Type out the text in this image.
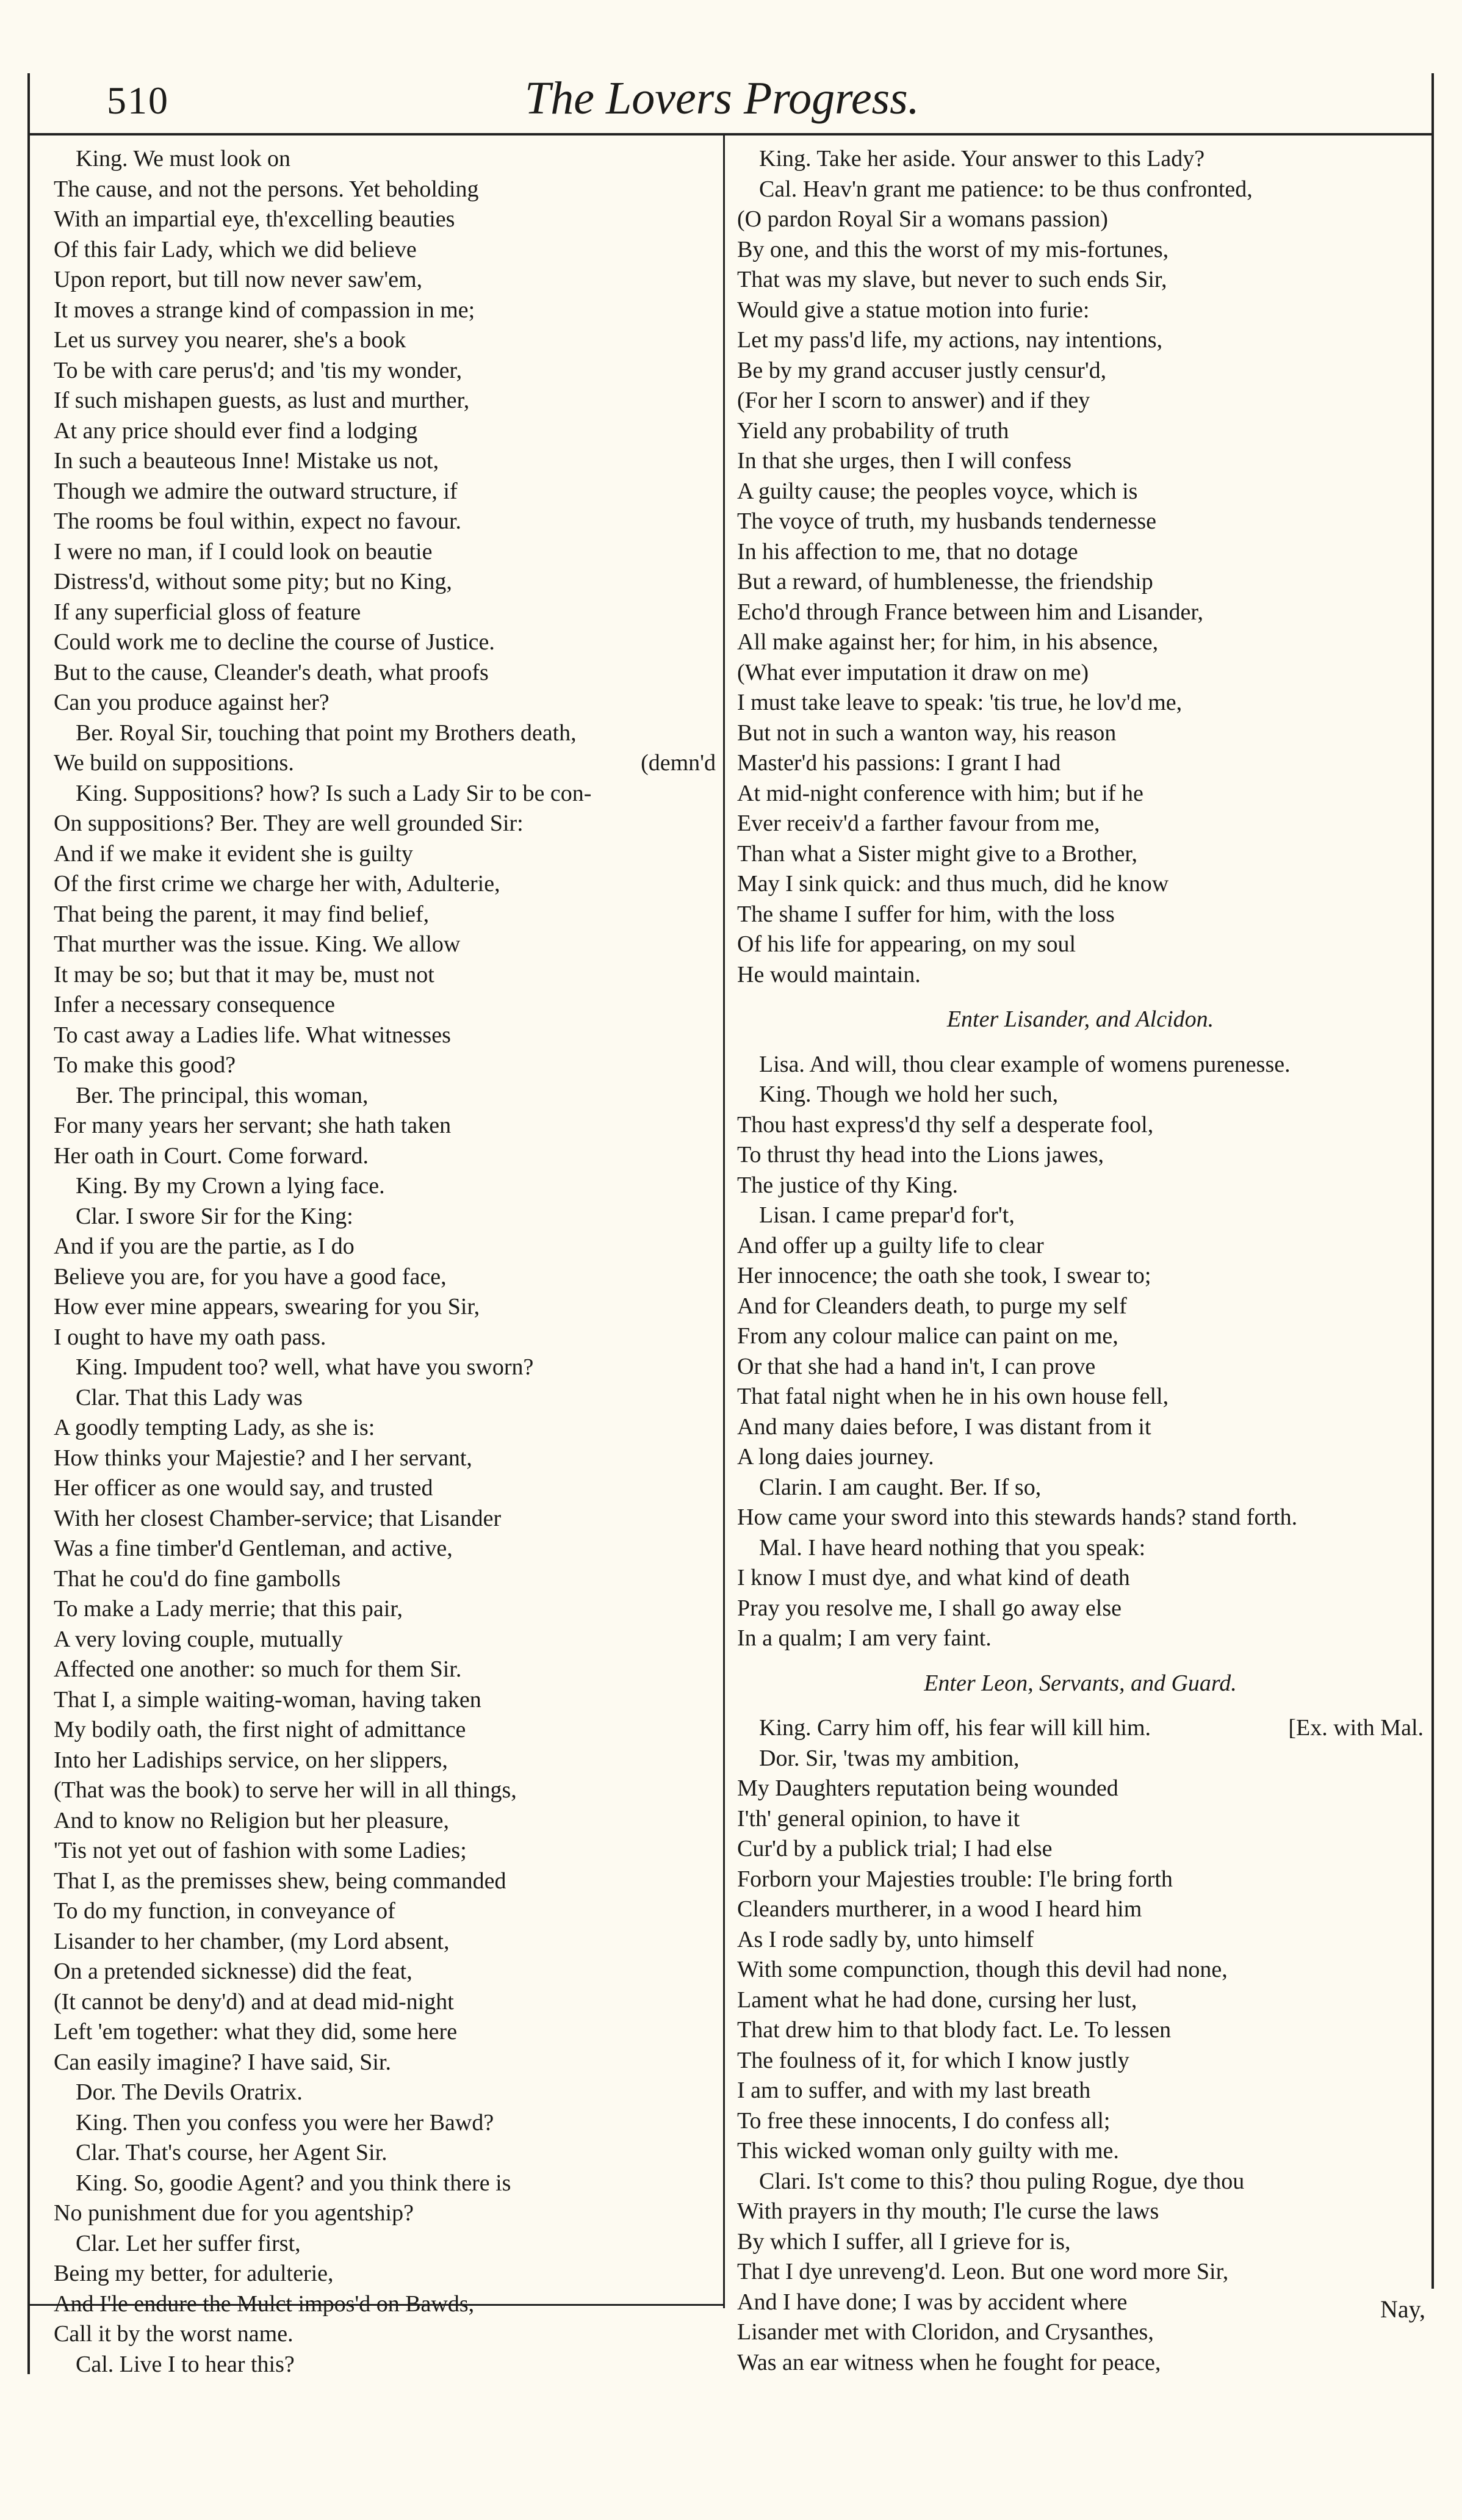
510	The Lovers Progress.
King. We must look on
The cause, and not the persons. Yet beholding
With an impartial eye, th'excelling beauties
Of this fair Lady, which we did believe
Upon report, but till now never saw'em,
It moves a strange kind of compassion in me;
Let us survey you nearer, she's a book
To be with care perus'd; and 'tis my wonder,
If such mishapen guests, as lust and murther,
At any price should ever find a lodging
In such a beauteous Inne! Mistake us not,
Though we admire the outward structure, if
The rooms be foul within, expect no favour.
I were no man, if I could look on beautie
Distress'd, without some pity; but no King,
If any superficial gloss of feature
Could work me to decline the course of Justice.
But to the cause, Cleander's death, what proofs
Can you produce against her?
Ber. Royal Sir, touching that point my Brothers death,
We build on suppositions.	(demn'd
King. Suppositions? how? Is such a Lady Sir to be con-
On suppositions? Ber. They are well grounded Sir:
And if we make it evident she is guilty
Of the first crime we charge her with, Adulterie,
That being the parent, it may find belief,
That murther was the issue. King. We allow
It may be so; but that it may be, must not
Infer a necessary consequence
To cast away a Ladies life. What witnesses
To make this good?
Ber. The principal, this woman,
For many years her servant; she hath taken
Her oath in Court. Come forward.
King. By my Crown a lying face.
Clar. I swore Sir for the King:
And if you are the partie, as I do
Believe you are, for you have a good face,
How ever mine appears, swearing for you Sir,
I ought to have my oath pass.
King. Impudent too? well, what have you sworn?
Clar. That this Lady was
A goodly tempting Lady, as she is:
How thinks your Majestie? and I her servant,
Her officer as one would say, and trusted
With her closest Chamber-service; that Lisander
Was a fine timber'd Gentleman, and active,
That he cou'd do fine gambolls
To make a Lady merrie; that this pair,
A very loving couple, mutually
Affected one another: so much for them Sir.
That I, a simple waiting-woman, having taken
My bodily oath, the first night of admittance
Into her Ladiships service, on her slippers,
(That was the book) to serve her will in all things,
And to know no Religion but her pleasure,
'Tis not yet out of fashion with some Ladies;
That I, as the premisses shew, being commanded
To do my function, in conveyance of
Lisander to her chamber, (my Lord absent,
On a pretended sicknesse) did the feat,
(It cannot be deny'd) and at dead mid-night
Left 'em together: what they did, some here
Can easily imagine? I have said, Sir.
Dor. The Devils Oratrix.
King. Then you confess you were her Bawd?
Clar. That's course, her Agent Sir.
King. So, goodie Agent? and you think there is
No punishment due for you agentship?
Clar. Let her suffer first,
Being my better, for adulterie,
And I'le endure the Mulct impos'd on Bawds,
Call it by the worst name.
Cal. Live I to hear this?
King. Take her aside. Your answer to this Lady?
Cal. Heav'n grant me patience: to be thus confronted,
(O pardon Royal Sir a womans passion)
By one, and this the worst of my mis-fortunes,
That was my slave, but never to such ends Sir,
Would give a statue motion into furie:
Let my pass'd life, my actions, nay intentions,
Be by my grand accuser justly censur'd,
(For her I scorn to answer) and if they
Yield any probability of truth
In that she urges, then I will confess
A guilty cause; the peoples voyce, which is
The voyce of truth, my husbands tendernesse
In his affection to me, that no dotage
But a reward, of humblenesse, the friendship
Echo'd through France between him and Lisander,
All make against her; for him, in his absence,
(What ever imputation it draw on me)
I must take leave to speak: 'tis true, he lov'd me,
But not in such a wanton way, his reason
Master'd his passions: I grant I had
At mid-night conference with him; but if he
Ever receiv'd a farther favour from me,
Than what a Sister might give to a Brother,
May I sink quick: and thus much, did he know
The shame I suffer for him, with the loss
Of his life for appearing, on my soul
He would maintain.
Enter Lisander, and Alcidon.
Lisa. And will, thou clear example of womens purenesse.
King. Though we hold her such,
Thou hast express'd thy self a desperate fool,
To thrust thy head into the Lions jawes,
The justice of thy King.
Lisan. I came prepar'd for't,
And offer up a guilty life to clear
Her innocence; the oath she took, I swear to;
And for Cleanders death, to purge my self
From any colour malice can paint on me,
Or that she had a hand in't, I can prove
That fatal night when he in his own house fell,
And many daies before, I was distant from it
A long daies journey.
Clarin. I am caught. Ber. If so,
How came your sword into this stewards hands? stand forth.
Mal. I have heard nothing that you speak:
I know I must dye, and what kind of death
Pray you resolve me, I shall go away else
In a qualm; I am very faint.
Enter Leon, Servants, and Guard.
King. Carry him off, his fear will kill him.	[Ex. with Mal.
Dor. Sir, 'twas my ambition,
My Daughters reputation being wounded
I'th' general opinion, to have it
Cur'd by a publick trial; I had else
Forborn your Majesties trouble: I'le bring forth
Cleanders murtherer, in a wood I heard him
As I rode sadly by, unto himself
With some compunction, though this devil had none,
Lament what he had done, cursing her lust,
That drew him to that blody fact. Le. To lessen
The foulness of it, for which I know justly
I am to suffer, and with my last breath
To free these innocents, I do confess all;
This wicked woman only guilty with me.
Clari. Is't come to this? thou puling Rogue, dye thou
With prayers in thy mouth; I'le curse the laws
By which I suffer, all I grieve for is,
That I dye unreveng'd. Leon. But one word more Sir,
And I have done; I was by accident where
Lisander met with Cloridon, and Crysanthes,
Was an ear witness when he fought for peace,
Nay,
